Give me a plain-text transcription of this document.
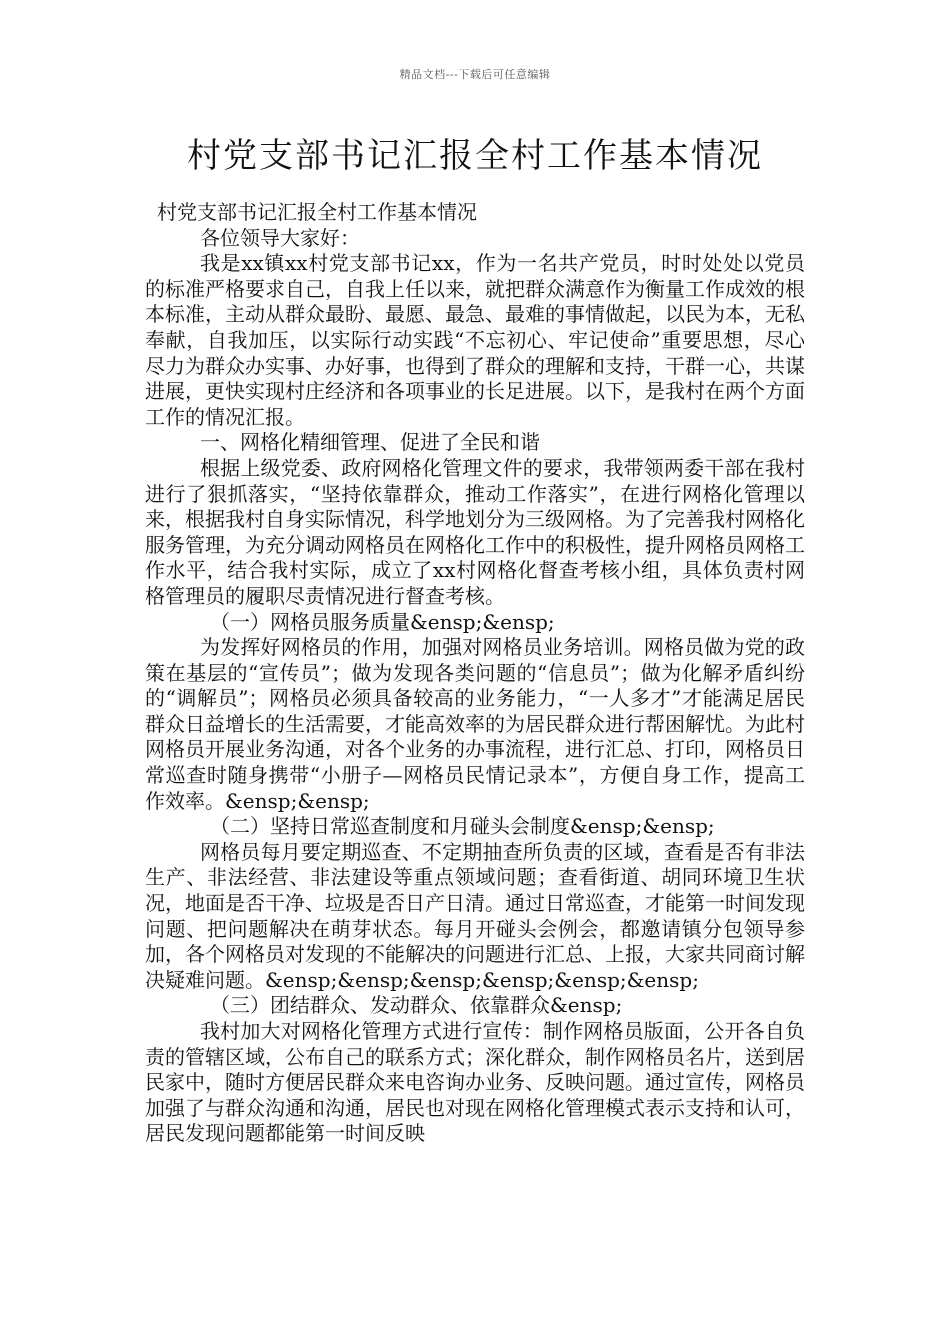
精品文档---下载后可任意编辑
村党支部书记汇报全村工作基本情况

村党支部书记汇报全村工作基本情况

各位领导大家好：

我是xx镇xx村党支部书记xx，作为一名共产党员，时时处处以党员的标准严格要求自己，自我上任以来，就把群众满意作为衡量工作成效的根本标准，主动从群众最盼、最愿、最急、最难的事情做起，以民为本，无私奉献，自我加压，以实际行动实践“不忘初心、牢记使命”重要思想，尽心尽力为群众办实事、办好事，也得到了群众的理解和支持，干群一心，共谋进展，更快实现村庄经济和各项事业的长足进展。以下，是我村在两个方面工作的情况汇报。

一、网格化精细管理、促进了全民和谐

根据上级党委、政府网格化管理文件的要求，我带领两委干部在我村进行了狠抓落实，“坚持依靠群众，推动工作落实”，在进行网格化管理以来，根据我村自身实际情况，科学地划分为三级网格。为了完善我村网格化服务管理，为充分调动网格员在网格化工作中的积极性，提升网格员网格工作水平，结合我村实际，成立了xx村网格化督查考核小组，具体负责村网格管理员的履职尽责情况进行督查考核。

（一）网格员服务质量&ensp;&ensp;

为发挥好网格员的作用，加强对网格员业务培训。网格员做为党的政策在基层的“宣传员”；做为发现各类问题的“信息员”；做为化解矛盾纠纷的“调解员”；网格员必须具备较高的业务能力，“一人多才”才能满足居民群众日益增长的生活需要，才能高效率的为居民群众进行帮困解忧。为此村网格员开展业务沟通，对各个业务的办事流程，进行汇总、打印，网格员日常巡查时随身携带“小册子—网格员民情记录本”，方便自身工作，提高工作效率。&ensp;&ensp;

（二）坚持日常巡查制度和月碰头会制度&ensp;&ensp;

网格员每月要定期巡查、不定期抽查所负责的区域，查看是否有非法生产、非法经营、非法建设等重点领域问题；查看街道、胡同环境卫生状况，地面是否干净、垃圾是否日产日清。通过日常巡查，才能第一时间发现问题、把问题解决在萌芽状态。每月开碰头会例会，都邀请镇分包领导参加，各个网格员对发现的不能解决的问题进行汇总、上报，大家共同商讨解决疑难问题。&ensp;&ensp;&ensp;&ensp;&ensp;&ensp;

（三）团结群众、发动群众、依靠群众&ensp;

我村加大对网格化管理方式进行宣传：制作网格员版面，公开各自负责的管辖区域，公布自己的联系方式；深化群众，制作网格员名片，送到居民家中，随时方便居民群众来电咨询办业务、反映问题。通过宣传，网格员加强了与群众沟通和沟通，居民也对现在网格化管理模式表示支持和认可，居民发现问题都能第一时间反映
